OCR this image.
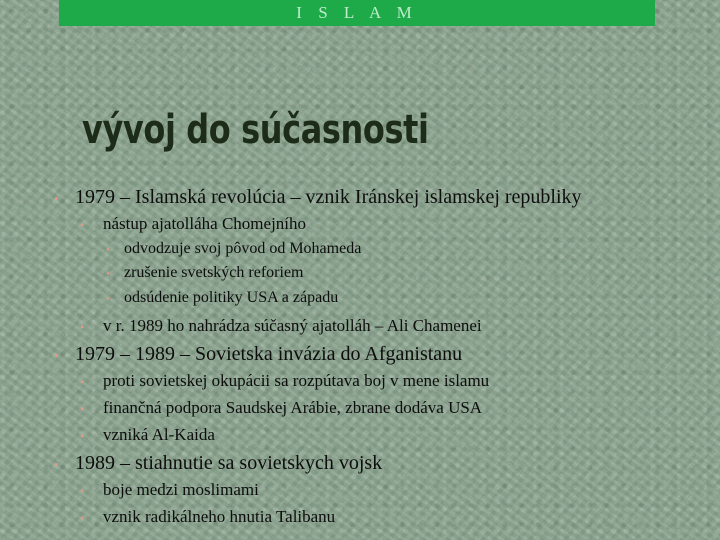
I S L A M
vývoj do súčasnosti
• 1979 – Islamská revolúcia – vznik Iránskej islamskej republiky
•	nástup ajatolláha Chomejního
• odvodzuje svoj pôvod od Mohameda
• zrušenie svetských reforiem
• odsúdenie politiky USA a západu
•	v r. 1989 ho nahrádza súčasný ajatolláh – Ali Chamenei
• 1979 – 1989 – Sovietska invázia do Afganistanu
•	proti sovietskej okupácii sa rozpútava boj v mene islamu
•	finančná podpora Saudskej Arábie, zbrane dodáva USA
•	vzniká Al-Kaida
• 1989 – stiahnutie sa sovietskych vojsk
•	boje medzi moslimami
•	vznik radikálneho hnutia Talibanu
